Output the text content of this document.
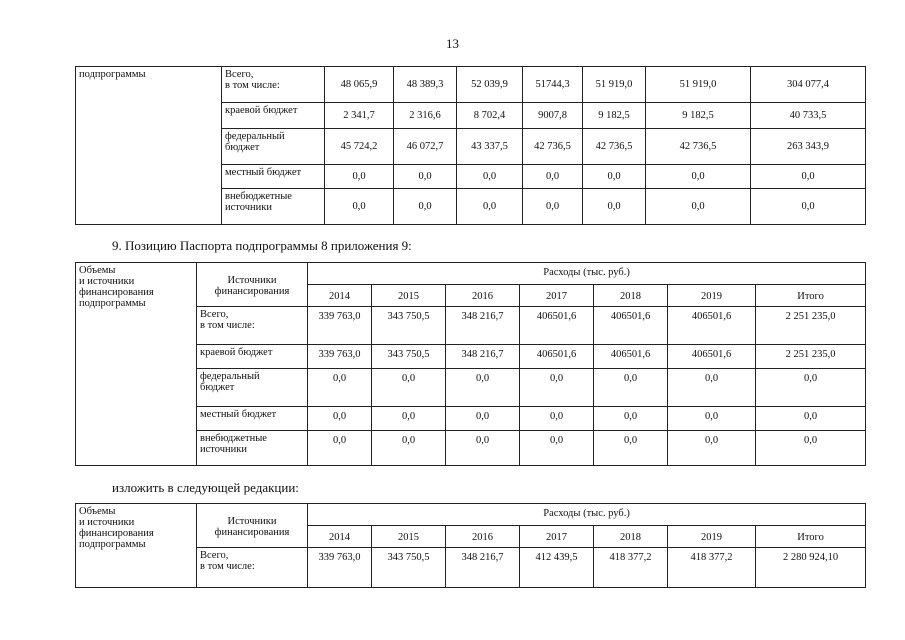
13
подпрограммы	Всего,
в том числе:	48 065,9	48 389,3	52 039,9	51744,3	51 919,0	51 919,0	304 077,4
	краевой бюджет	2 341,7	2 316,6	8 702,4	9007,8	9 182,5	9 182,5	40 733,5
	федеральный
бюджет	45 724,2	46 072,7	43 337,5	42 736,5	42 736,5	42 736,5	263 343,9
	местный бюджет	0,0	0,0	0,0	0,0	0,0	0,0	0,0
	внебюджетные
источники	0,0	0,0	0,0	0,0	0,0	0,0	0,0
9. Позицию Паспорта подпрограммы 8 приложения 9:
Объемы
и источники
финансирования
подпрограммы	Источники
финансирования	Расходы (тыс. руб.)						
		2014	2015	2016	2017	2018	2019	Итого
	Всего,
в том числе:	339 763,0	343 750,5	348 216,7	406501,6	406501,6	406501,6	2 251 235,0
	краевой бюджет	339 763,0	343 750,5	348 216,7	406501,6	406501,6	406501,6	2 251 235,0
	федеральный
бюджет	0,0	0,0	0,0	0,0	0,0	0,0	0,0
	местный бюджет	0,0	0,0	0,0	0,0	0,0	0,0	0,0
	внебюджетные
источники	0,0	0,0	0,0	0,0	0,0	0,0	0,0
изложить в следующей редакции:
Объемы
и источники
финансирования
подпрограммы	Источники
финансирования	Расходы (тыс. руб.)						
		2014	2015	2016	2017	2018	2019	Итого
	Всего,
в том числе:	339 763,0	343 750,5	348 216,7	412 439,5	418 377,2	418 377,2	2 280 924,10
